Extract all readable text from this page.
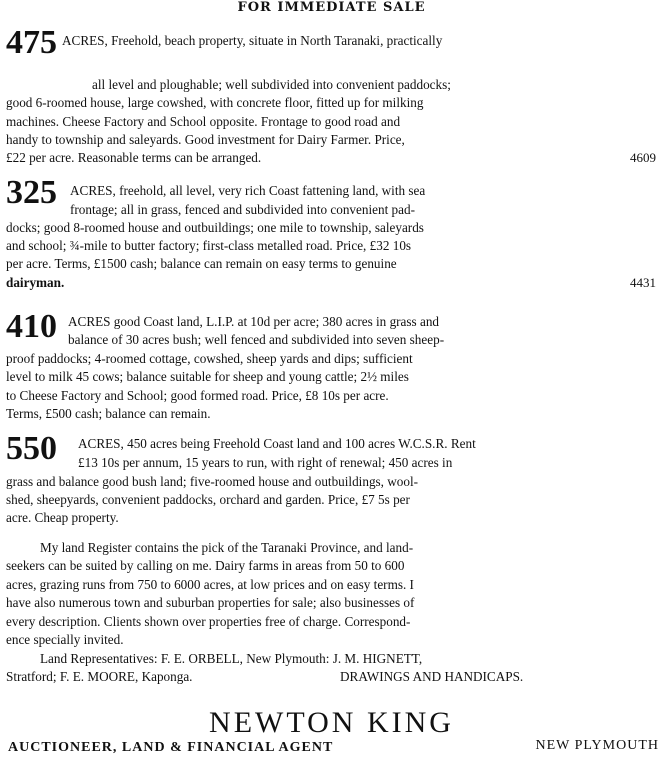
FOR IMMEDIATE SALE
475 ACRES, Freehold, beach property, situate in North Taranaki, practically
all level and ploughable; well subdivided into convenient paddocks;
good 6-roomed house, large cowshed, with concrete floor, fitted up for milking
machines. Cheese Factory and School opposite. Frontage to good road and
handy to township and saleyards. Good investment for Dairy Farmer. Price,
£22 per acre. Reasonable terms can be arranged.	4609
325 ACRES, freehold, all level, very rich Coast fattening land, with sea
frontage; all in grass, fenced and subdivided into convenient pad-
docks; good 8-roomed house and outbuildings; one mile to township, saleyards
and school; ¾-mile to butter factory; first-class metalled road. Price, £32 10s
per acre. Terms, £1500 cash; balance can remain on easy terms to genuine
dairyman.	4431
410 ACRES good Coast land, L.I.P. at 10d per acre; 380 acres in grass and
balance of 30 acres bush; well fenced and subdivided into seven sheep-
proof paddocks; 4-roomed cottage, cowshed, sheep yards and dips; sufficient
level to milk 45 cows; balance suitable for sheep and young cattle; 2½ miles
to Cheese Factory and School; good formed road. Price, £8 10s per acre.
Terms, £500 cash; balance can remain.
550 ACRES, 450 acres being Freehold Coast land and 100 acres W.C.S.R. Rent
£13 10s per annum, 15 years to run, with right of renewal; 450 acres in
grass and balance good bush land; five-roomed house and outbuildings, wool-
shed, sheepyards, convenient paddocks, orchard and garden. Price, £7 5s per
acre. Cheap property.
My land Register contains the pick of the Taranaki Province, and land-
seekers can be suited by calling on me. Dairy farms in areas from 50 to 600
acres, grazing runs from 750 to 6000 acres, at low prices and on easy terms. I
have also numerous town and suburban properties for sale; also businesses of
every description. Clients shown over properties free of charge. Correspond-
ence specially invited.
Land Representatives: F. E. ORBELL, New Plymouth: J. M. HIGNETT,
Stratford; F. E. MOORE, Kaponga.	DRAWINGS AND HANDICAPS.
NEWTON KING
AUCTIONEER, LAND & FINANCIAL AGENT	NEW PLYMOUTH
